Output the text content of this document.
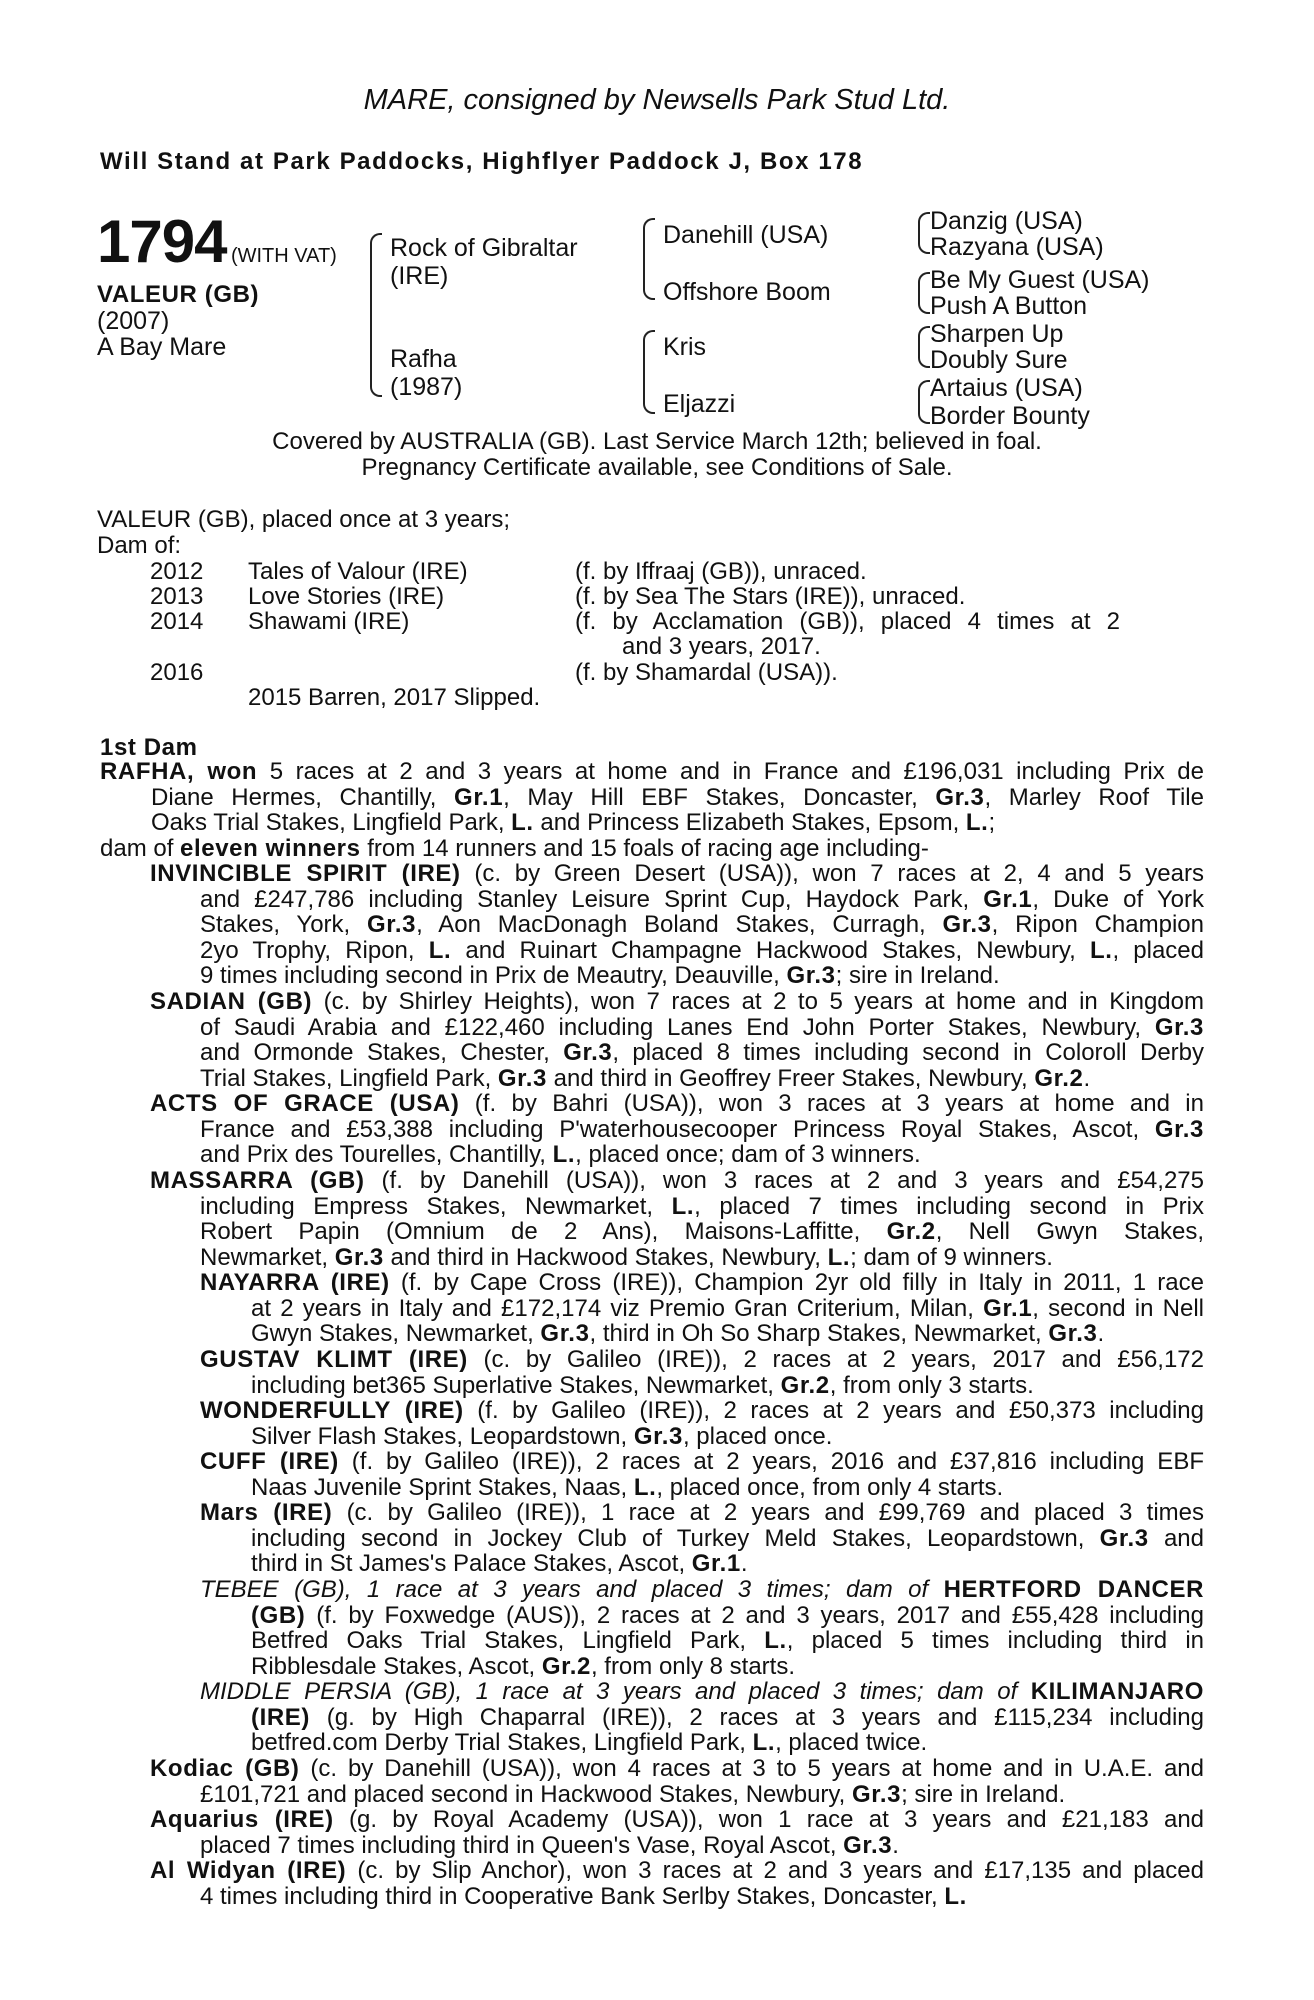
MARE, consigned by Newsells Park Stud Ltd.
Will Stand at Park Paddocks, Highflyer Paddock J, Box 178
1794 (WITH VAT)
VALEUR (GB)
(2007)
A Bay Mare
Rock of Gibraltar
(IRE)
Rafha
(1987)
Danehill (USA)
Offshore Boom
Kris
Eljazzi
Danzig (USA)
Razyana (USA)
Be My Guest (USA)
Push A Button
Sharpen Up
Doubly Sure
Artaius (USA)
Border Bounty
Covered by AUSTRALIA (GB). Last Service March 12th; believed in foal.
Pregnancy Certificate available, see Conditions of Sale.
VALEUR (GB), placed once at 3 years;
Dam of:
2012 Tales of Valour (IRE)	(f. by Iffraaj (GB)), unraced.
2013 Love Stories (IRE)	(f. by Sea The Stars (IRE)), unraced.
2014 Shawami (IRE)	(f. by Acclamation (GB)), placed 4 times at 2
and 3 years, 2017.
2016	(f. by Shamardal (USA)).
2015 Barren, 2017 Slipped.
1st Dam
RAFHA, won 5 races at 2 and 3 years at home and in France and £196,031 including Prix de
Diane Hermes, Chantilly, Gr.1, May Hill EBF Stakes, Doncaster, Gr.3, Marley Roof Tile
Oaks Trial Stakes, Lingfield Park, L. and Princess Elizabeth Stakes, Epsom, L.;
dam of eleven winners from 14 runners and 15 foals of racing age including-
INVINCIBLE SPIRIT (IRE) (c. by Green Desert (USA)), won 7 races at 2, 4 and 5 years
and £247,786 including Stanley Leisure Sprint Cup, Haydock Park, Gr.1, Duke of York
Stakes, York, Gr.3, Aon MacDonagh Boland Stakes, Curragh, Gr.3, Ripon Champion
2yo Trophy, Ripon, L. and Ruinart Champagne Hackwood Stakes, Newbury, L., placed
9 times including second in Prix de Meautry, Deauville, Gr.3; sire in Ireland.
SADIAN (GB) (c. by Shirley Heights), won 7 races at 2 to 5 years at home and in Kingdom
of Saudi Arabia and £122,460 including Lanes End John Porter Stakes, Newbury, Gr.3
and Ormonde Stakes, Chester, Gr.3, placed 8 times including second in Coloroll Derby
Trial Stakes, Lingfield Park, Gr.3 and third in Geoffrey Freer Stakes, Newbury, Gr.2.
ACTS OF GRACE (USA) (f. by Bahri (USA)), won 3 races at 3 years at home and in
France and £53,388 including P'waterhousecooper Princess Royal Stakes, Ascot, Gr.3
and Prix des Tourelles, Chantilly, L., placed once; dam of 3 winners.
MASSARRA (GB) (f. by Danehill (USA)), won 3 races at 2 and 3 years and £54,275
including Empress Stakes, Newmarket, L., placed 7 times including second in Prix
Robert Papin (Omnium de 2 Ans), Maisons-Laffitte, Gr.2, Nell Gwyn Stakes,
Newmarket, Gr.3 and third in Hackwood Stakes, Newbury, L.; dam of 9 winners.
NAYARRA (IRE) (f. by Cape Cross (IRE)), Champion 2yr old filly in Italy in 2011, 1 race
at 2 years in Italy and £172,174 viz Premio Gran Criterium, Milan, Gr.1, second in Nell
Gwyn Stakes, Newmarket, Gr.3, third in Oh So Sharp Stakes, Newmarket, Gr.3.
GUSTAV KLIMT (IRE) (c. by Galileo (IRE)), 2 races at 2 years, 2017 and £56,172
including bet365 Superlative Stakes, Newmarket, Gr.2, from only 3 starts.
WONDERFULLY (IRE) (f. by Galileo (IRE)), 2 races at 2 years and £50,373 including
Silver Flash Stakes, Leopardstown, Gr.3, placed once.
CUFF (IRE) (f. by Galileo (IRE)), 2 races at 2 years, 2016 and £37,816 including EBF
Naas Juvenile Sprint Stakes, Naas, L., placed once, from only 4 starts.
Mars (IRE) (c. by Galileo (IRE)), 1 race at 2 years and £99,769 and placed 3 times
including second in Jockey Club of Turkey Meld Stakes, Leopardstown, Gr.3 and
third in St James's Palace Stakes, Ascot, Gr.1.
TEBEE (GB), 1 race at 3 years and placed 3 times; dam of HERTFORD DANCER
(GB) (f. by Foxwedge (AUS)), 2 races at 2 and 3 years, 2017 and £55,428 including
Betfred Oaks Trial Stakes, Lingfield Park, L., placed 5 times including third in
Ribblesdale Stakes, Ascot, Gr.2, from only 8 starts.
MIDDLE PERSIA (GB), 1 race at 3 years and placed 3 times; dam of KILIMANJARO
(IRE) (g. by High Chaparral (IRE)), 2 races at 3 years and £115,234 including
betfred.com Derby Trial Stakes, Lingfield Park, L., placed twice.
Kodiac (GB) (c. by Danehill (USA)), won 4 races at 3 to 5 years at home and in U.A.E. and
£101,721 and placed second in Hackwood Stakes, Newbury, Gr.3; sire in Ireland.
Aquarius (IRE) (g. by Royal Academy (USA)), won 1 race at 3 years and £21,183 and
placed 7 times including third in Queen's Vase, Royal Ascot, Gr.3.
Al Widyan (IRE) (c. by Slip Anchor), won 3 races at 2 and 3 years and £17,135 and placed
4 times including third in Cooperative Bank Serlby Stakes, Doncaster, L.
